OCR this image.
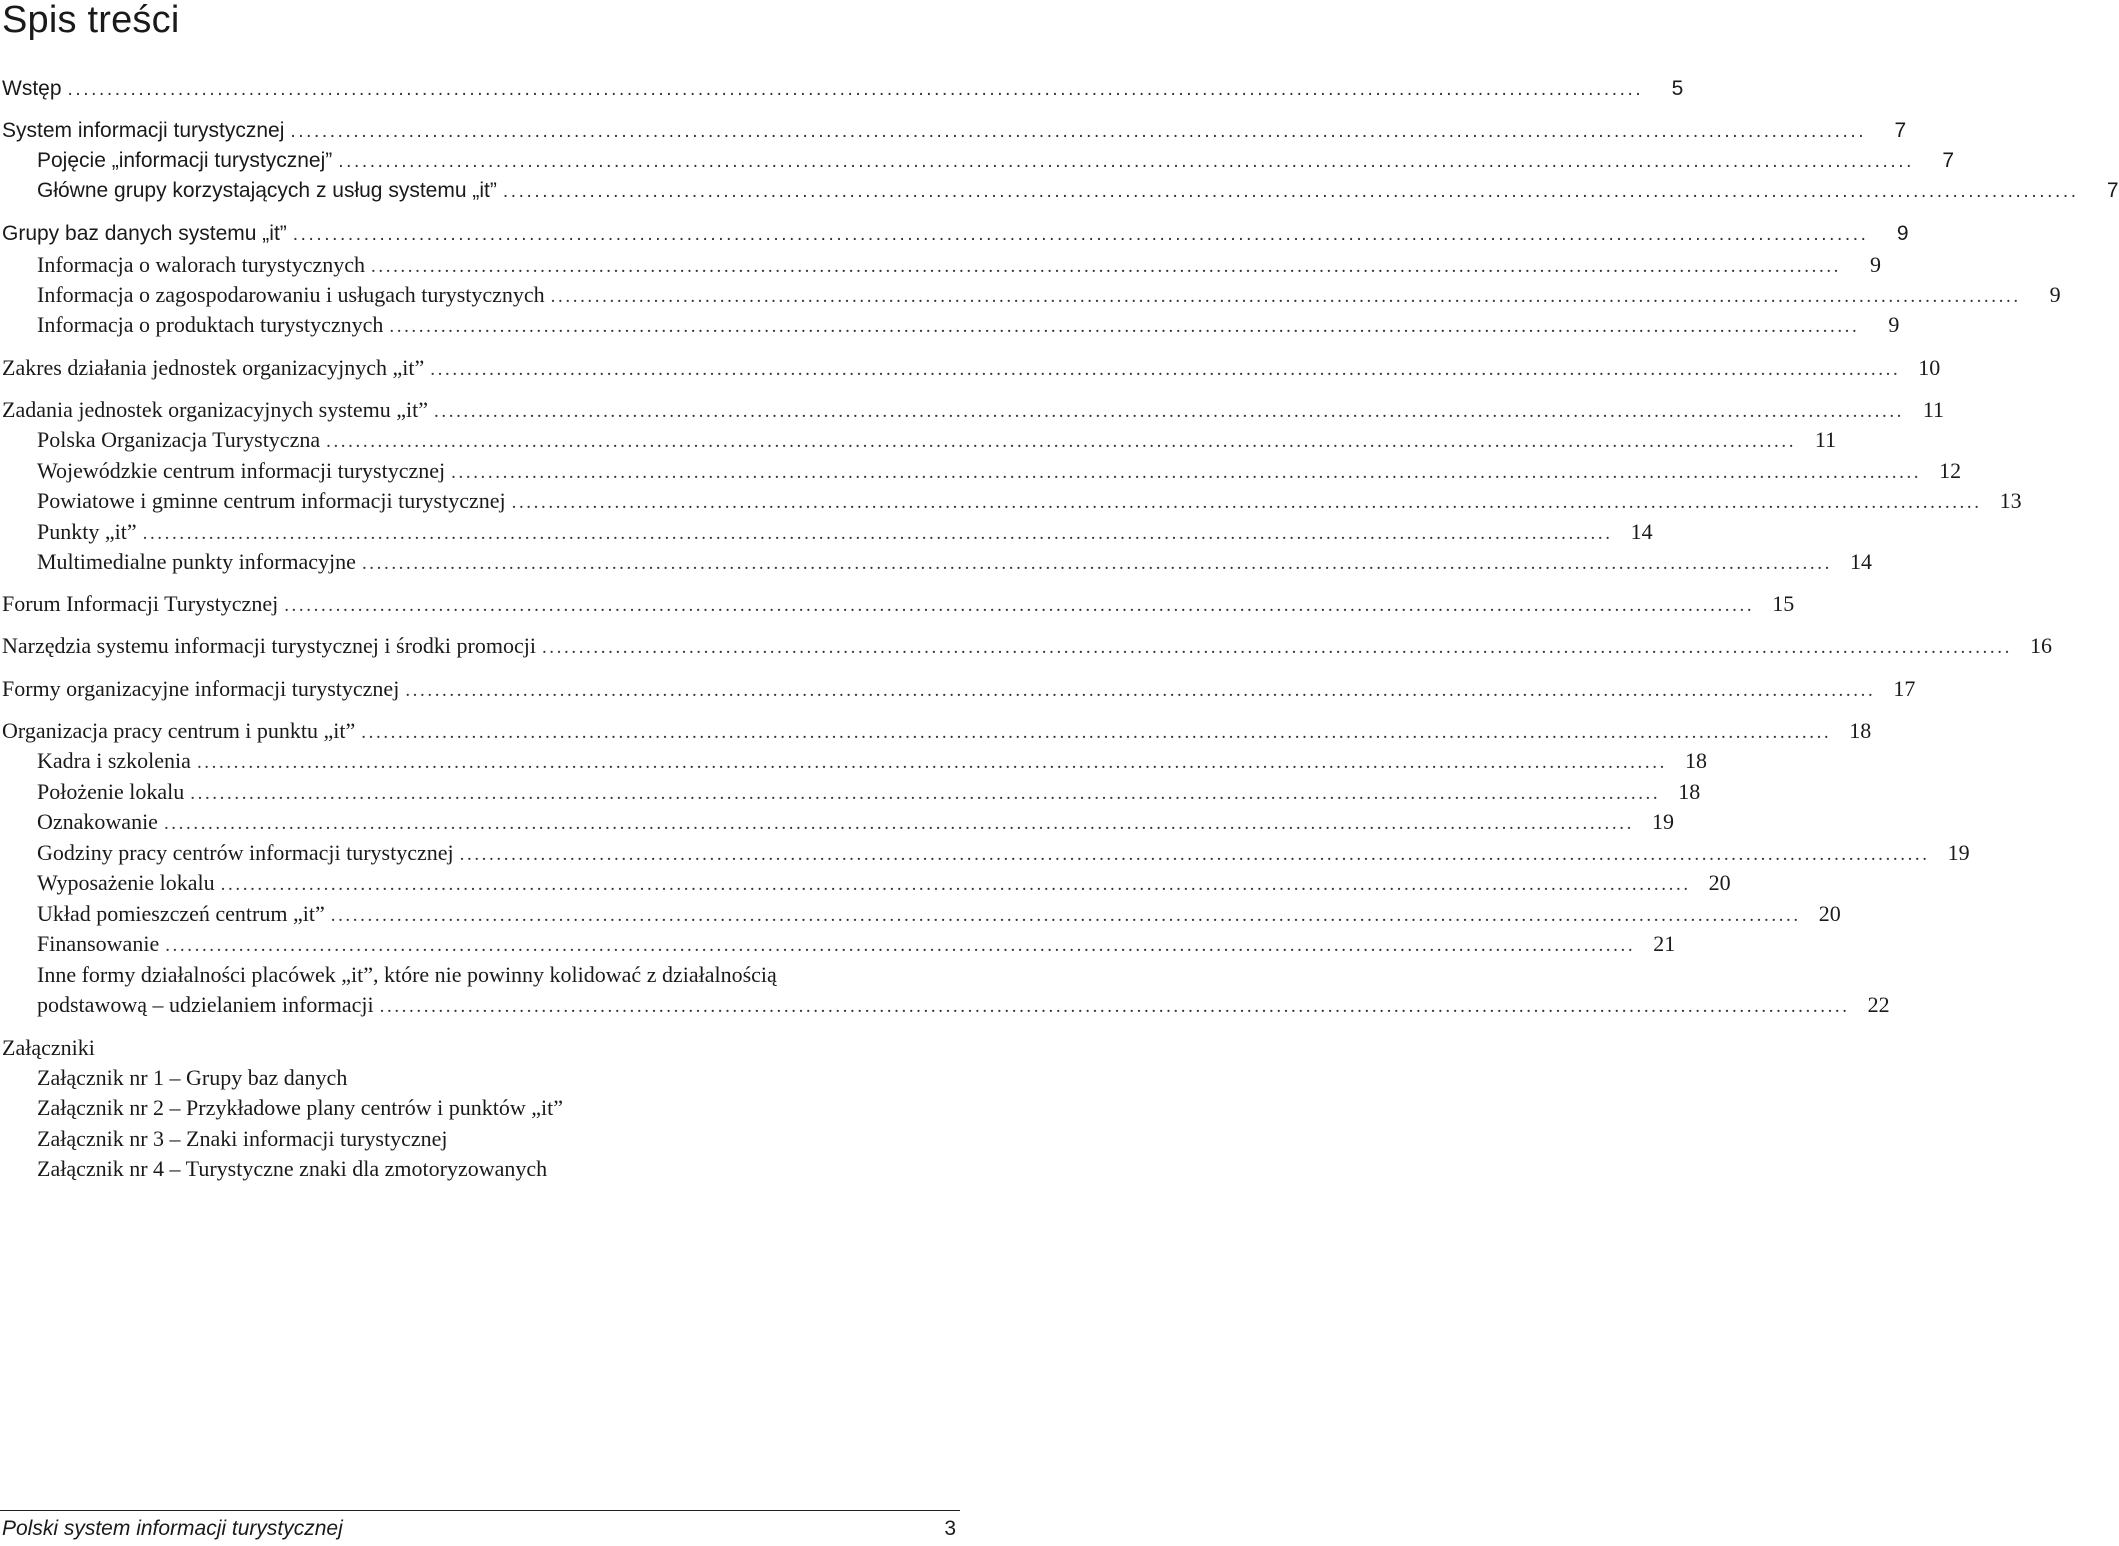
Spis treści
Wstęp ........................................................................................................................................................................................................	5
System informacji turystycznej ........................................................................................................................................................................................................	7
Pojęcie „informacji turystycznej” ........................................................................................................................................................................................................	7
Główne grupy korzystających z usług systemu „it” ........................................................................................................................................................................................................	7
Grupy baz danych systemu „it” ........................................................................................................................................................................................................	9
Informacja o walorach turystycznych ........................................................................................................................................................................................................	9
Informacja o zagospodarowaniu i usługach turystycznych ........................................................................................................................................................................................................	9
Informacja o produktach turystycznych ........................................................................................................................................................................................................	9
Zakres działania jednostek organizacyjnych „it” ........................................................................................................................................................................................................ 10
Zadania jednostek organizacyjnych systemu „it” ........................................................................................................................................................................................................ 11
Polska Organizacja Turystyczna ........................................................................................................................................................................................................ 11
Wojewódzkie centrum informacji turystycznej ........................................................................................................................................................................................................ 12
Powiatowe i gminne centrum informacji turystycznej ........................................................................................................................................................................................................ 13
Punkty „it” ........................................................................................................................................................................................................ 14
Multimedialne punkty informacyjne ........................................................................................................................................................................................................ 14
Forum Informacji Turystycznej ........................................................................................................................................................................................................ 15
Narzędzia systemu informacji turystycznej i środki promocji ........................................................................................................................................................................................................ 16
Formy organizacyjne informacji turystycznej ........................................................................................................................................................................................................ 17
Organizacja pracy centrum i punktu „it” ........................................................................................................................................................................................................ 18
Kadra i szkolenia ........................................................................................................................................................................................................ 18
Położenie lokalu ........................................................................................................................................................................................................ 18
Oznakowanie ........................................................................................................................................................................................................ 19
Godziny pracy centrów informacji turystycznej ........................................................................................................................................................................................................ 19
Wyposażenie lokalu ........................................................................................................................................................................................................ 20
Układ pomieszczeń centrum „it” ........................................................................................................................................................................................................ 20
Finansowanie ........................................................................................................................................................................................................ 21
Inne formy działalności placówek „it”, które nie powinny kolidować z działalnością
podstawową – udzielaniem informacji ........................................................................................................................................................................................................ 22
Załączniki
Załącznik nr 1 – Grupy baz danych
Załącznik nr 2 – Przykładowe plany centrów i punktów „it”
Załącznik nr 3 – Znaki informacji turystycznej
Załącznik nr 4 – Turystyczne znaki dla zmotoryzowanych
Polski system informacji turystycznej	3
